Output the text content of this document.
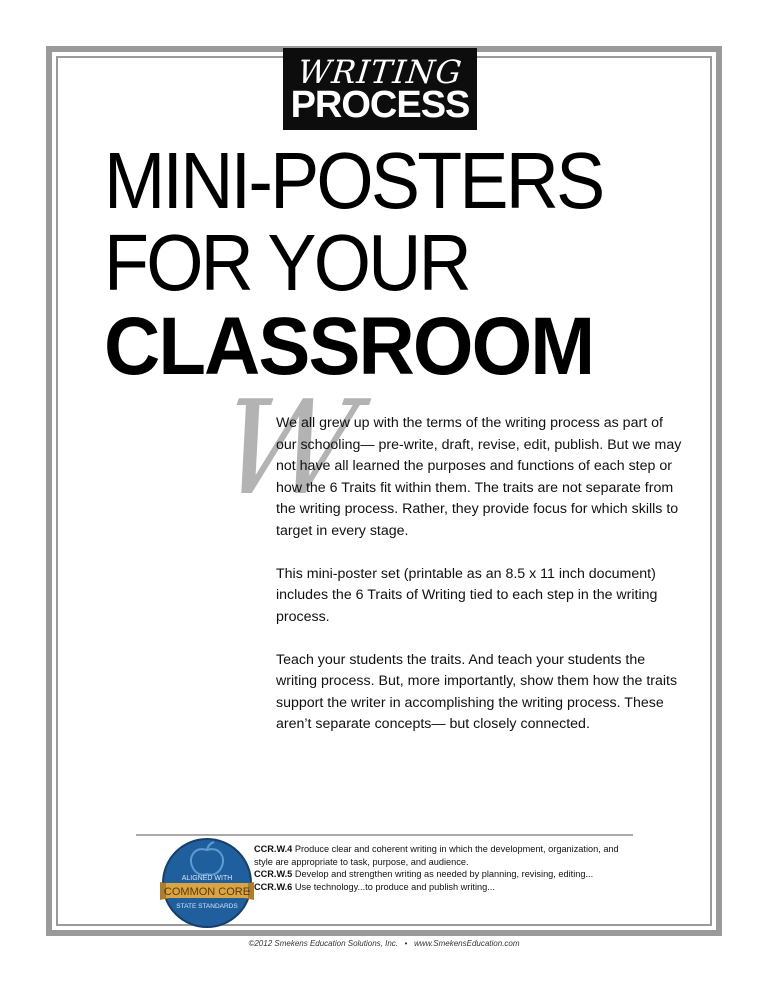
WRITING
PROCESS
MINI-POSTERS
FOR YOUR
CLASSROOM
W

We all grew up with the terms of the writing process as part of our schooling— pre-write, draft, revise, edit, publish. But we may not have all learned the purposes and functions of each step or how the 6 Traits fit within them. The traits are not separate from the writing process. Rather, they provide focus for which skills to target in every stage.

This mini-poster set (printable as an 8.5 x 11 inch document) includes the 6 Traits of Writing tied to each step in the writing process.

Teach your students the traits. And teach your students the writing process. But, more importantly, show them how the traits support the writer in accomplishing the writing process. These aren’t separate concepts— but closely connected.

ALIGNED WITH
COMMON CORE
STATE STANDARDS
CCR.W.4 Produce clear and coherent writing in which the development, organization, and style are appropriate to task, purpose, and audience.
CCR.W.5 Develop and strengthen writing as needed by planning, revising, editing...
CCR.W.6 Use technology...to produce and publish writing...
©2012 Smekens Education Solutions, Inc. • www.SmekensEducation.com
